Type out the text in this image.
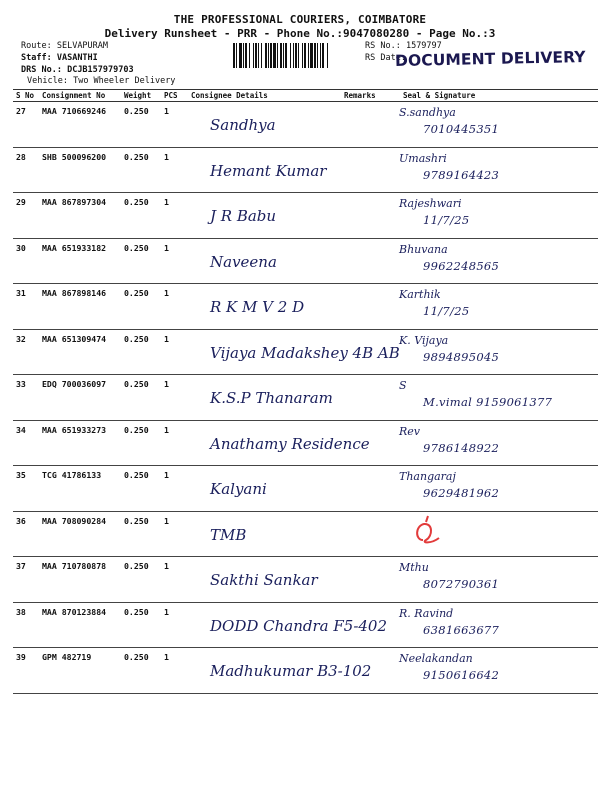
THE PROFESSIONAL COURIERS, COIMBATORE
Delivery Runsheet - PRR - Phone No.:9047080280 - Page No.:3
Route: SELVAPURAM
Staff: VASANTHI
DRS No.: DCJB157979703
Vehicle: Two Wheeler Delivery
RS No.: 1579797
RS Date:
DOCUMENT DELIVERY
S No	Consignment No	Weight	PCS	Consignee Details	Remarks	Seal & Signature
27	MAA 710669246	0.250	1	Sandhya		S.sandhya
7010445351

28	SHB 500096200	0.250	1	Hemant Kumar		Umashri
9789164423

29	MAA 867897304	0.250	1	J R Babu		Rajeshwari
11/7/25

30	MAA 651933182	0.250	1	Naveena		Bhuvana
9962248565

31	MAA 867898146	0.250	1	R K M V 2 D		Karthik
11/7/25

32	MAA 651309474	0.250	1	Vijaya Madakshey 4B AB		K. Vijaya
9894895045

33	EDQ 700036097	0.250	1	K.S.P Thanaram		S
M.vimal 9159061377

34	MAA 651933273	0.250	1	Anathamy Residence		Rev
9786148922

35	TCG 41786133	0.250	1	Kalyani		Thangaraj
9629481962

36	MAA 708090284	0.250	1	TMB

37	MAA 710780878	0.250	1	Sakthi Sankar		Mthu
8072790361

38	MAA 870123884	0.250	1	DODD Chandra F5-402		R. Ravind
6381663677

39	GPM 482719	0.250	1	Madhukumar B3-102		Neelakandan
9150616642
